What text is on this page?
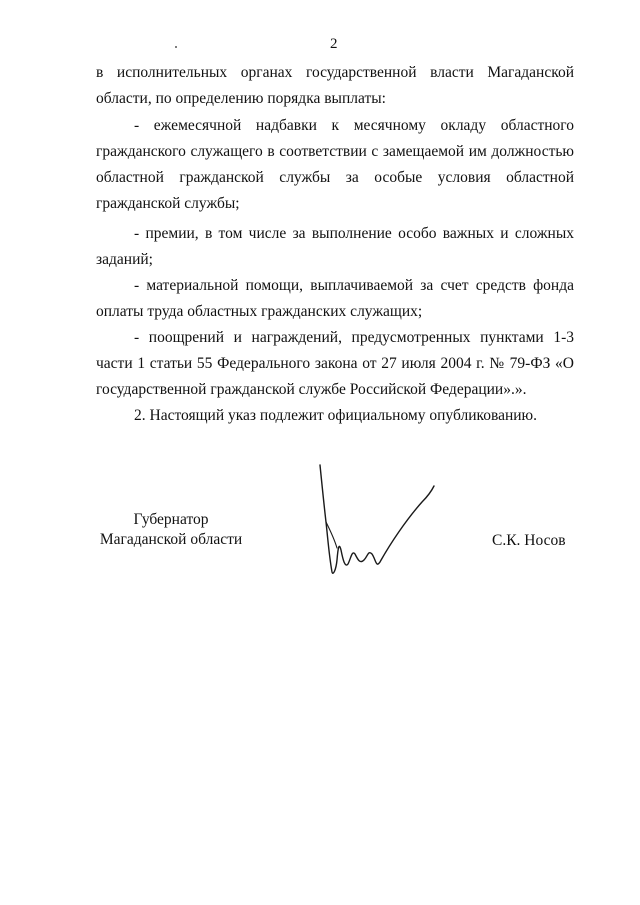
2

в исполнительных органах государственной власти Магаданской области, по определению порядка выплаты:

- ежемесячной надбавки к месячному окладу областного гражданского служащего в соответствии с замещаемой им должностью областной гражданской службы за особые условия областной гражданской службы;

- премии, в том числе за выполнение особо важных и сложных заданий;

- материальной помощи, выплачиваемой за счет средств фонда оплаты труда областных гражданских служащих;

- поощрений и награждений, предусмотренных пунктами 1-3 части 1 статьи 55 Федерального закона от 27 июля 2004 г. № 79-ФЗ «О государственной гражданской службе Российской Федерации».».

2. Настоящий указ подлежит официальному опубликованию.

Губернатор
Магаданской области	С.К. Носов
